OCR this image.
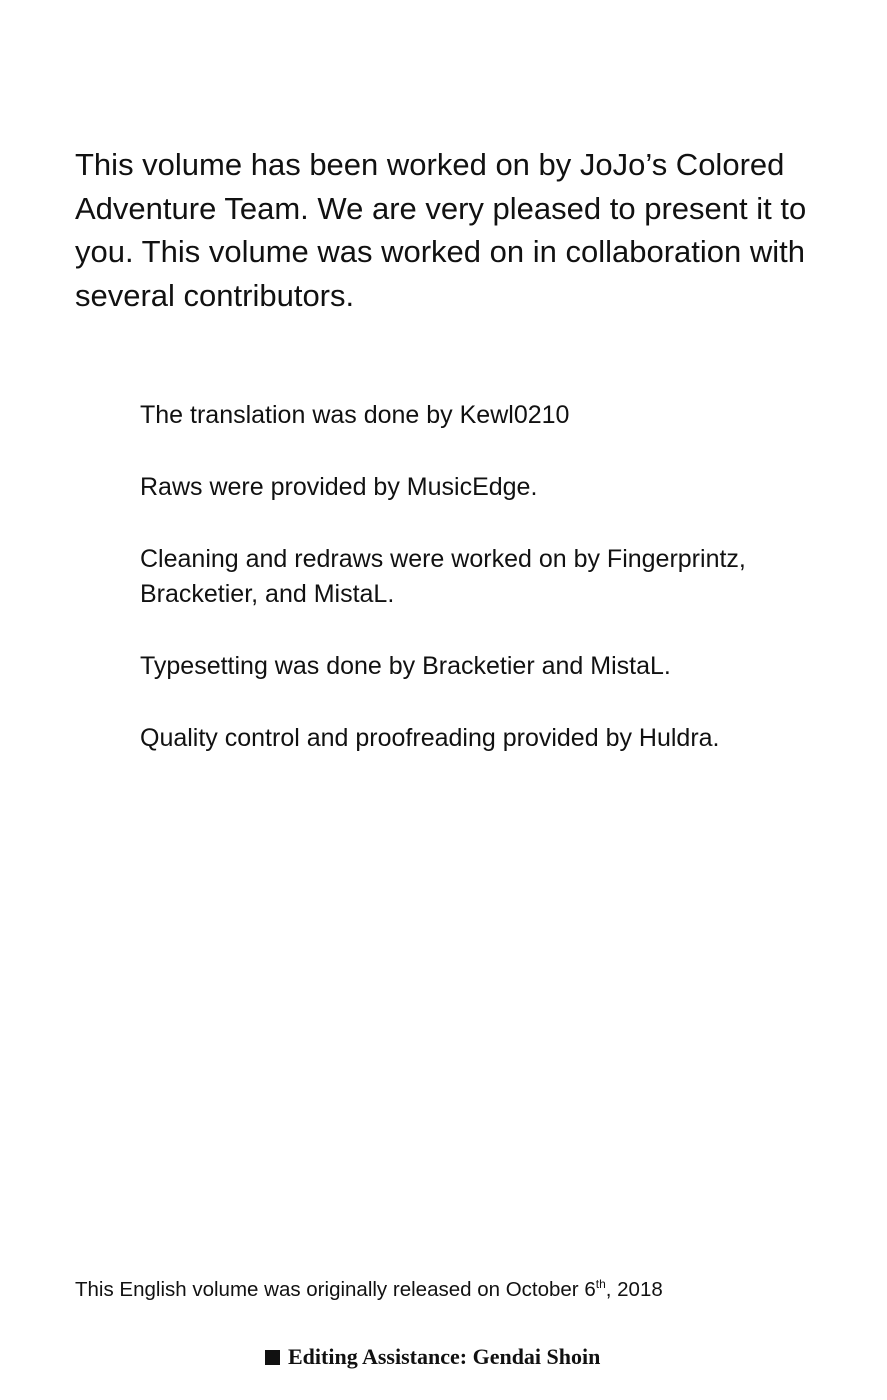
This volume has been worked on by JoJo’s Colored Adventure Team. We are very pleased to present it to you. This volume was worked on in collaboration with several contributors.

The translation was done by Kewl0210
Raws were provided by MusicEdge.
Cleaning and redraws were worked on by Fingerprintz, Bracketier, and MistaL.
Typesetting was done by Bracketier and MistaL.
Quality control and proofreading provided by Huldra.

This English volume was originally released on October 6th, 2018

Editing Assistance: Gendai Shoin
